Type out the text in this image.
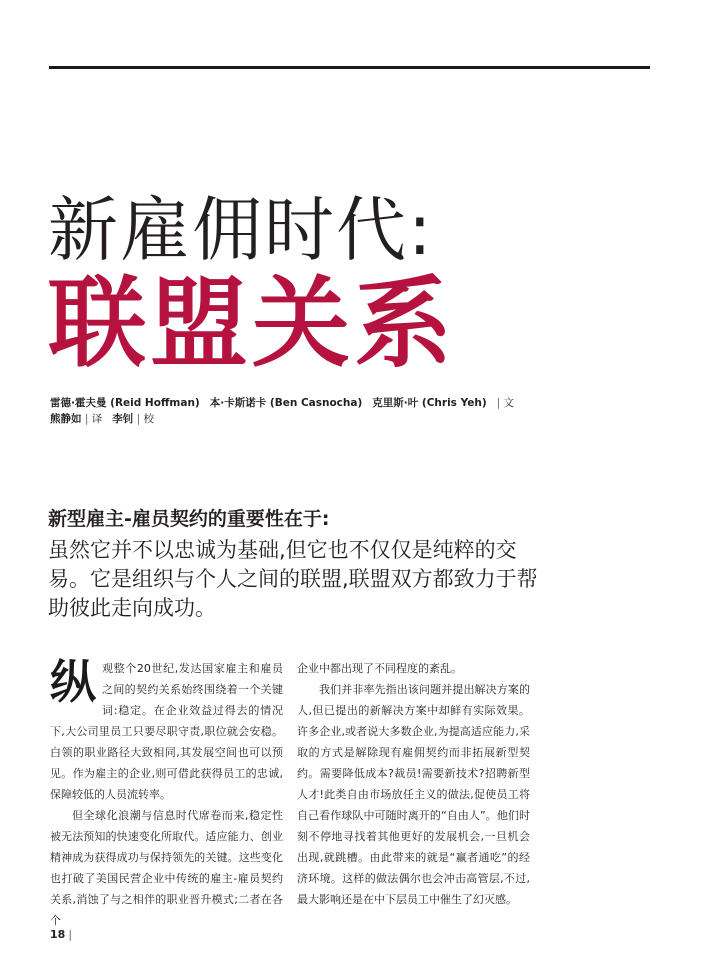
新雇佣时代:
联盟关系
雷德·霍夫曼 (Reid Hoffman) 本·卡斯诺卡 (Ben Casnocha) 克里斯·叶 (Chris Yeh) | 文
熊静如 | 译 李钊 | 校
新型雇主-雇员契约的重要性在于:

虽然它并不以忠诚为基础,但它也不仅仅是纯粹的交易。它是组织与个人之间的联盟,联盟双方都致力于帮助彼此走向成功。

纵观整个20世纪,发达国家雇主和雇员之间的契约关系始终围绕着一个关键词:稳定。在企业效益过得去的情况下,大公司里员工只要尽职守责,职位就会安稳。白领的职业路径大致相同,其发展空间也可以预见。作为雇主的企业,则可借此获得员工的忠诚,保障较低的人员流转率。

但全球化浪潮与信息时代席卷而来,稳定性被无法预知的快速变化所取代。适应能力、创业精神成为获得成功与保持领先的关键。这些变化也打破了美国民营企业中传统的雇主-雇员契约关系,消蚀了与之相伴的职业晋升模式;二者在各个

企业中都出现了不同程度的紊乱。

我们并非率先指出该问题并提出解决方案的人,但已提出的新解决方案中却鲜有实际效果。许多企业,或者说大多数企业,为提高适应能力,采取的方式是解除现有雇佣契约而非拓展新型契约。需要降低成本?裁员!需要新技术?招聘新型人才!此类自由市场放任主义的做法,促使员工将自己看作球队中可随时离开的“自由人”。他们时刻不停地寻找着其他更好的发展机会,一旦机会出现,就跳槽。由此带来的就是“赢者通吃”的经济环境。这样的做法偶尔也会冲击高管层,不过,最大影响还是在中下层员工中催生了幻灭感。

18 |
